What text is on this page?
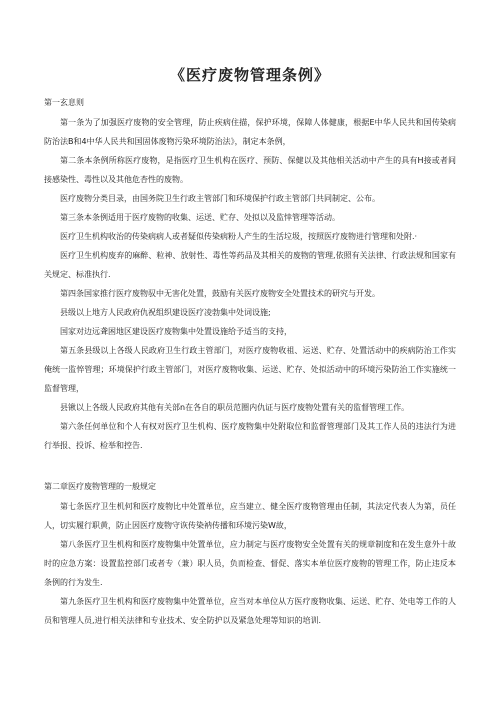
《医疗废物管理条例》

第一玄息则

第一条为了加强医疗废物的安全管理，防止疾病住描，保护环境，保障人体健康，根据E中华人民共和国传染病防治法B和4中华人民共和国固体废物污染环境防治法》，制定本条例，

第二条本条例所称医疗废物，是指医疗卫生机构在医疗、预防、保健以及其他相关活动中产生的具有H接或者间接感染性、毒性以及其他危杏性的废物。

医疗废物分类目录，由国务院卫生行政主管部门和环境保护行政主管部门共同制定、公布。

第三条本条例适用于医疗废物的收集、运送、贮存、处拟以及监悻管理等活动。

医疗卫生机构收治的传染病病人或者疑似传染病粉人产生的生活垃圾，按照医疗废物进行管理和处附.·

医疗卫生机构废弃的麻醉、粒神、放射性、毒性等药品及其相关的废物的管理,依照有关法律、行政法规和国家有关规定、标准执行.

第四条国家推行医疗废物驭中无害化处置，鼓励有关医疗废物安全处置技术的研究与开发。

县级以上地方人民政府仇祝组织建设医疗凌勃集中处词设施;

国家对边远聋困地区建设医疗废物集中处置设施给予适当的支持，

第五条县级以上各级人民政府卫生行政主管部门，对医疗废物收祖、运送、贮存、处置活动中的疾病防治工作实俺统一监悴管理；环境保护行政主管部门，对医疗废物收集、运送、贮存、处拟活动中的环境污染防治工作实施统一监督管理，

县锹以上各级人民政府其他有关部n在各自的职员范圈内仇证与医疗废物处置有关的监督管理工作。

第六条任何单位和个人有权对医疗卫生机构、医疗废物集中处附取位和监督管理部门及其工作人员的违法行为进行举报、投诉、检举和控告.

第二章医疗废物管理的一般规定

第七条医疗卫生机何和医疗废物比中处置单位，应当建立、健全医疗废物管理由任制，其法定代表人为第，员任人，切实履行职黄，防止因医疗废物守诙传染衲传播和环境污染W故，

第八条医疗卫生机构和医疗废物集中处置单位，应力制定与医疗废物安全处置有关的规章制度和在发生意外十故时的应急方案：设置监控部门或者专（兼）职人员，负而检查、督促、落实本单位医疗废物的管理工作，防止违反本条例的行为发生.

第九条医疗卫生机构和医疗废物集中处置单位，应当对本单位从方医疗废物收集、运送、贮存、处电等工作的人员和管理人员,进行相关法律和专业技术、安全防护以及紧急处理等知识的培训.
